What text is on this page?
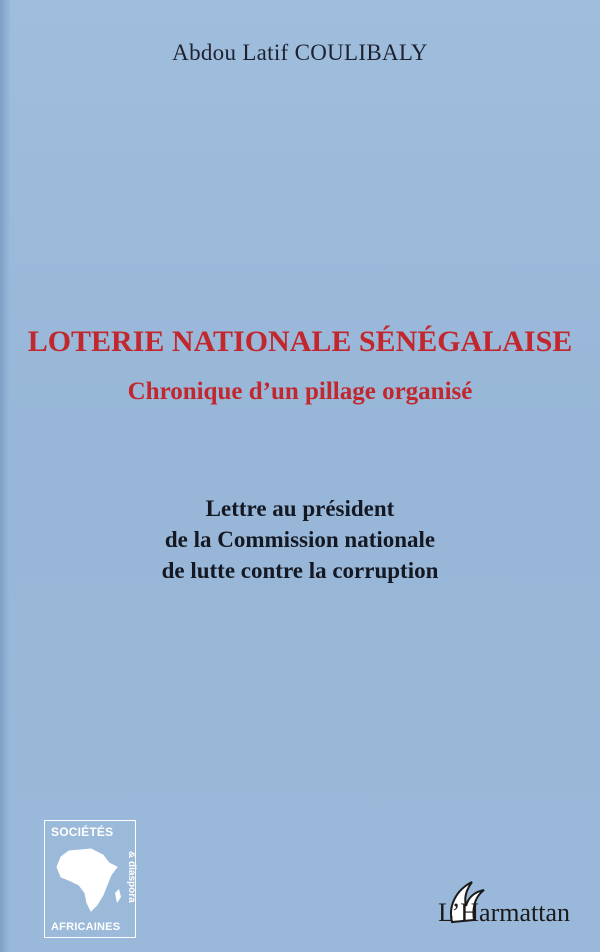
Abdou Latif COULIBALY
LOTERIE NATIONALE SÉNÉGALAISE
Chronique d’un pillage organisé
Lettre au président
de la Commission nationale
de lutte contre la corruption
SOCIÉTÉS
AFRICAINES
& diaspora
L’Harmattan
